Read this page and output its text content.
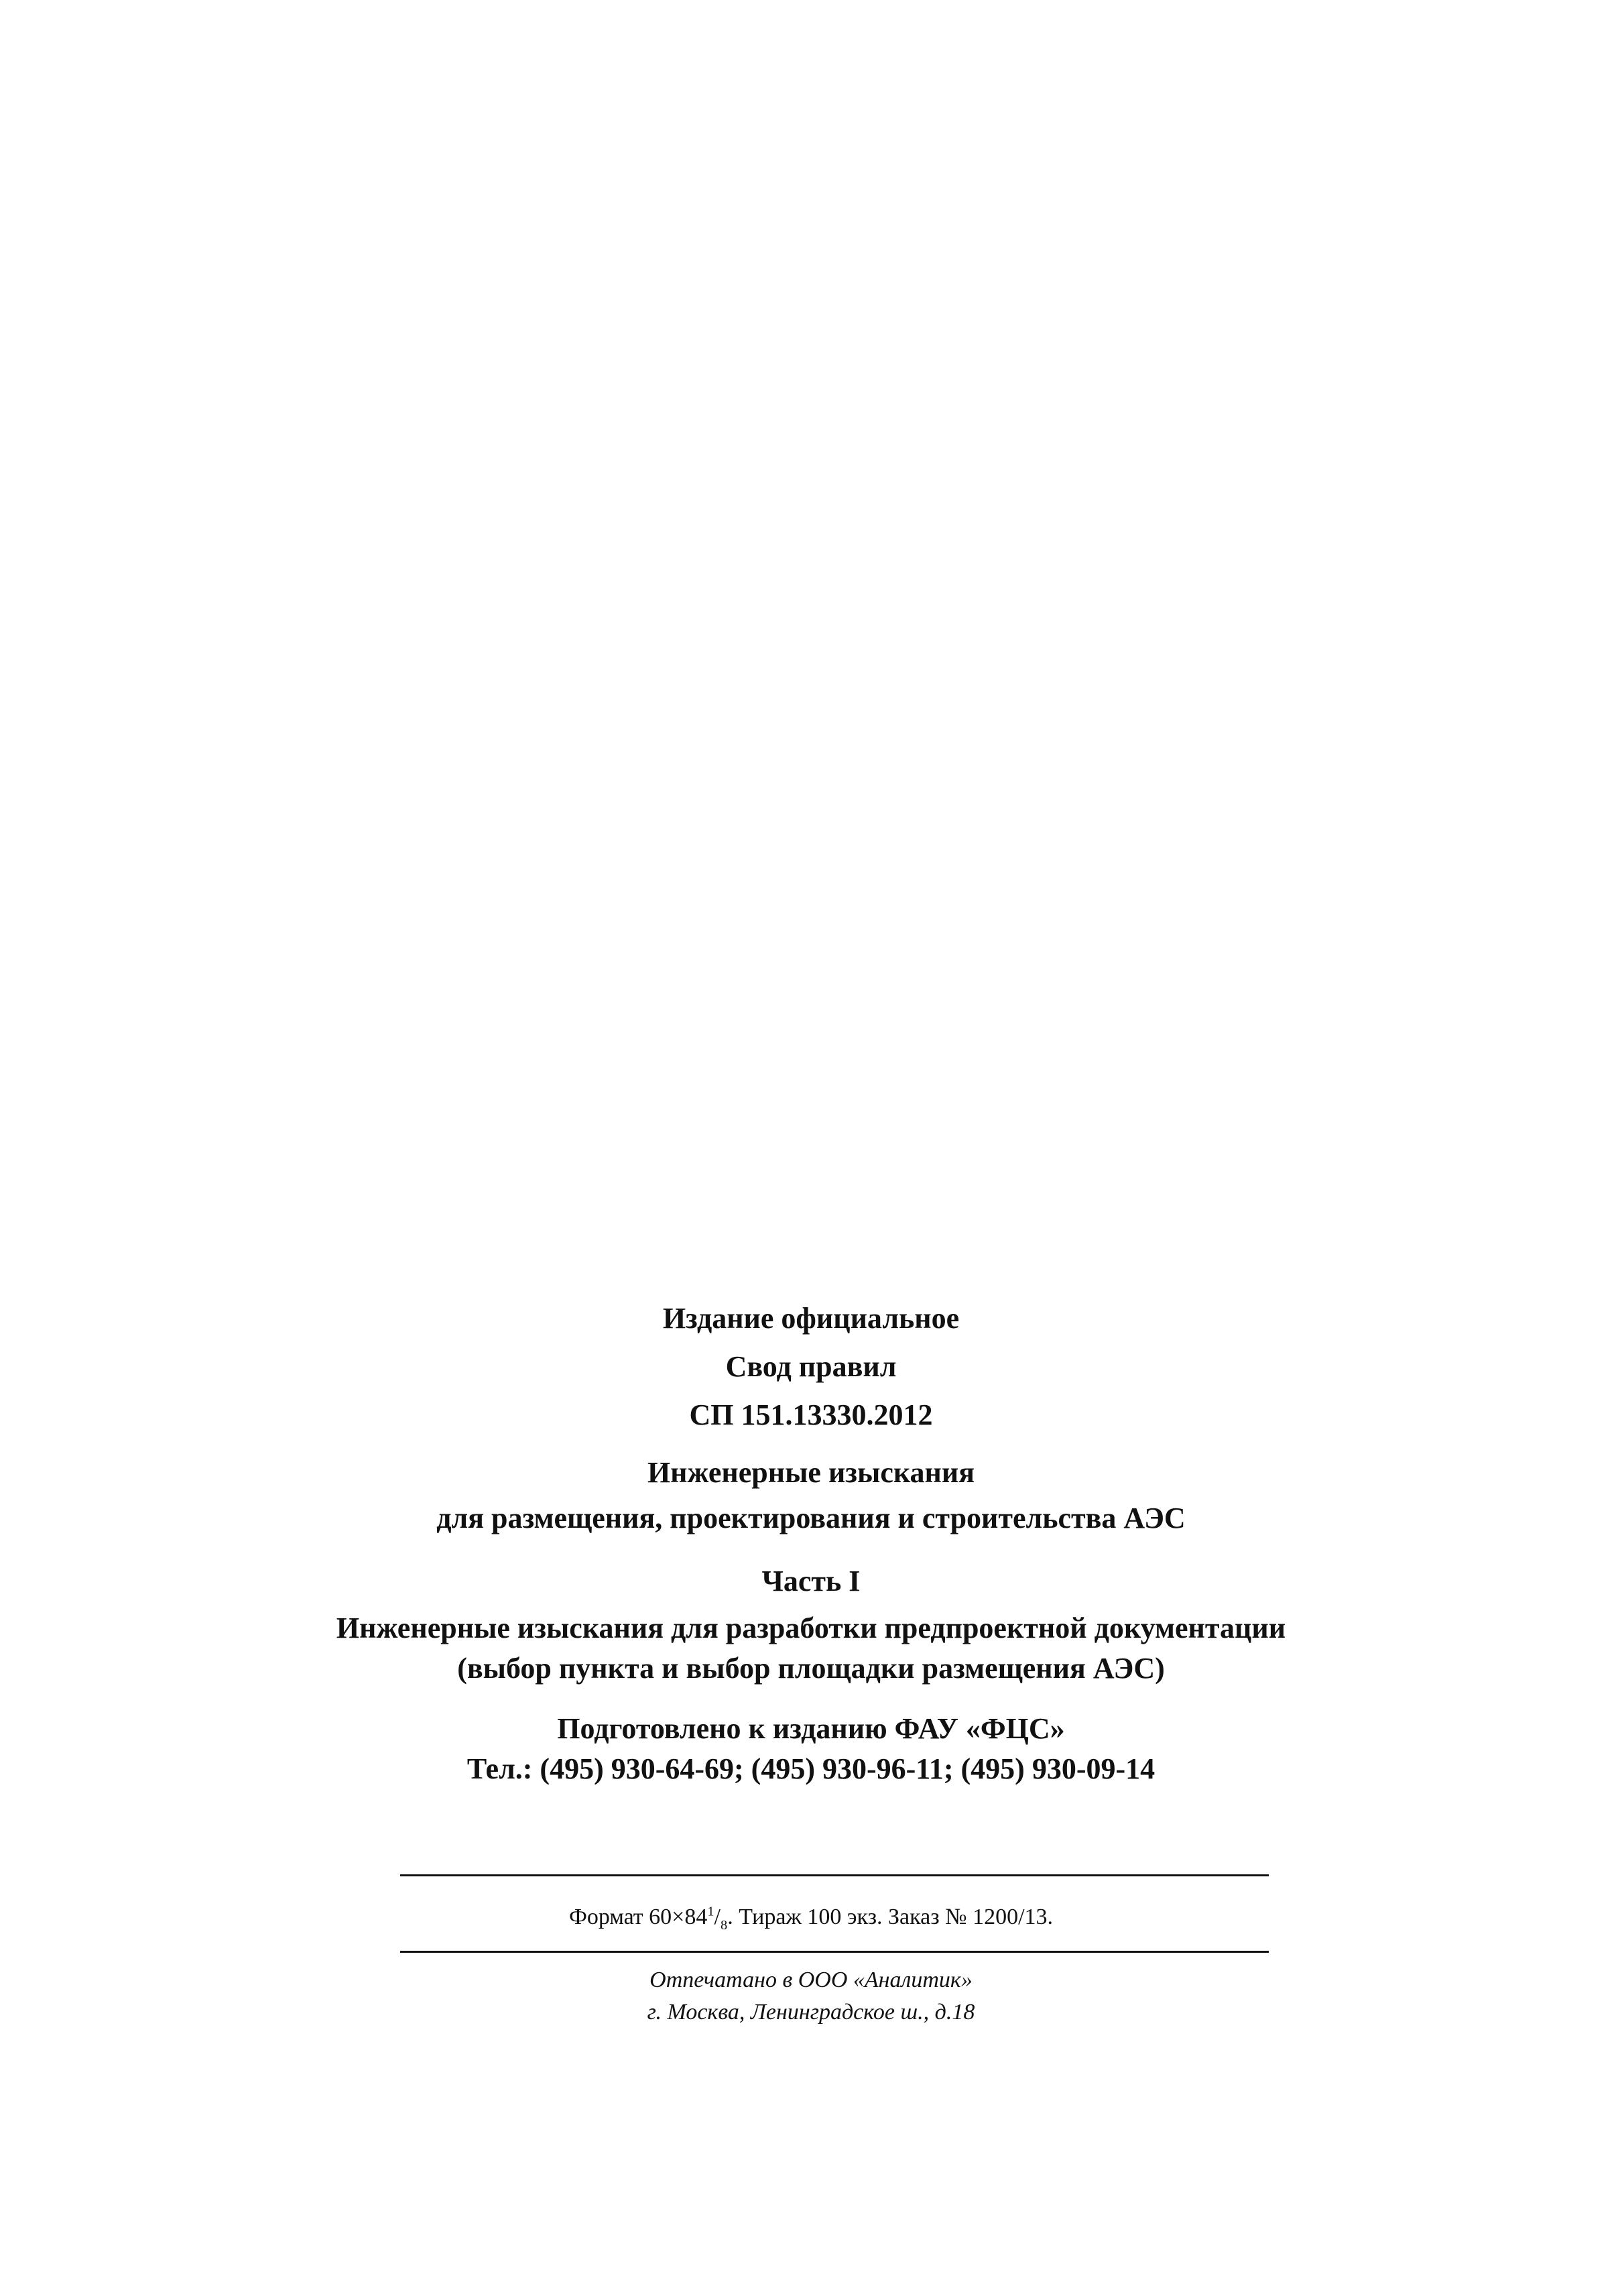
Издание официальное
Свод правил
СП 151.13330.2012
Инженерные изыскания
для размещения, проектирования и строительства АЭС
Часть I
Инженерные изыскания для разработки предпроектной документации
(выбор пункта и выбор площадки размещения АЭС)
Подготовлено к изданию ФАУ «ФЦС»
Тел.: (495) 930-64-69; (495) 930-96-11; (495) 930-09-14
Формат $60\times 84^1/_8$. Тираж 100 экз. Заказ № 1200/13.
Отпечатано в ООО «Аналитик»
г. Москва, Ленинградское ш., д.18
